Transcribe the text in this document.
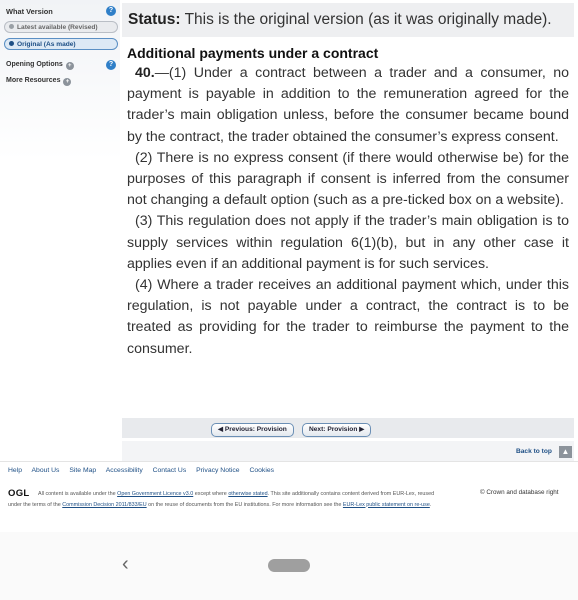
What Version	?
Latest available (Revised)
Original (As made)
Opening Options +	?
More Resources +
Status: This is the original version (as it was originally made).
Additional payments under a contract

40.—(1) Under a contract between a trader and a consumer, no payment is payable in addition to the remuneration agreed for the trader’s main obligation unless, before the consumer became bound by the contract, the trader obtained the consumer’s express consent.

(2) There is no express consent (if there would otherwise be) for the purposes of this paragraph if consent is inferred from the consumer not changing a default option (such as a pre-ticked box on a website).

(3) This regulation does not apply if the trader’s main obligation is to supply services within regulation 6(1)(b), but in any other case it applies even if an additional payment is for such services.

(4) Where a trader receives an additional payment which, under this regulation, is not payable under a contract, the contract is to be treated as providing for the trader to reimburse the payment to the consumer.

◀ Previous: Provision	Next: Provision ▶
Back to top	▲
Help About Us Site Map Accessibility Contact Us Privacy Notice Cookies
OGL	All content is available under the Open Government Licence v3.0 except where otherwise stated. This site additionally contains content derived from EUR-Lex, reused under the terms of the Commission Decision 2011/833/EU on the reuse of documents from the EU institutions. For more information see the EUR-Lex public statement on re-use.
© Crown and database right
‹
